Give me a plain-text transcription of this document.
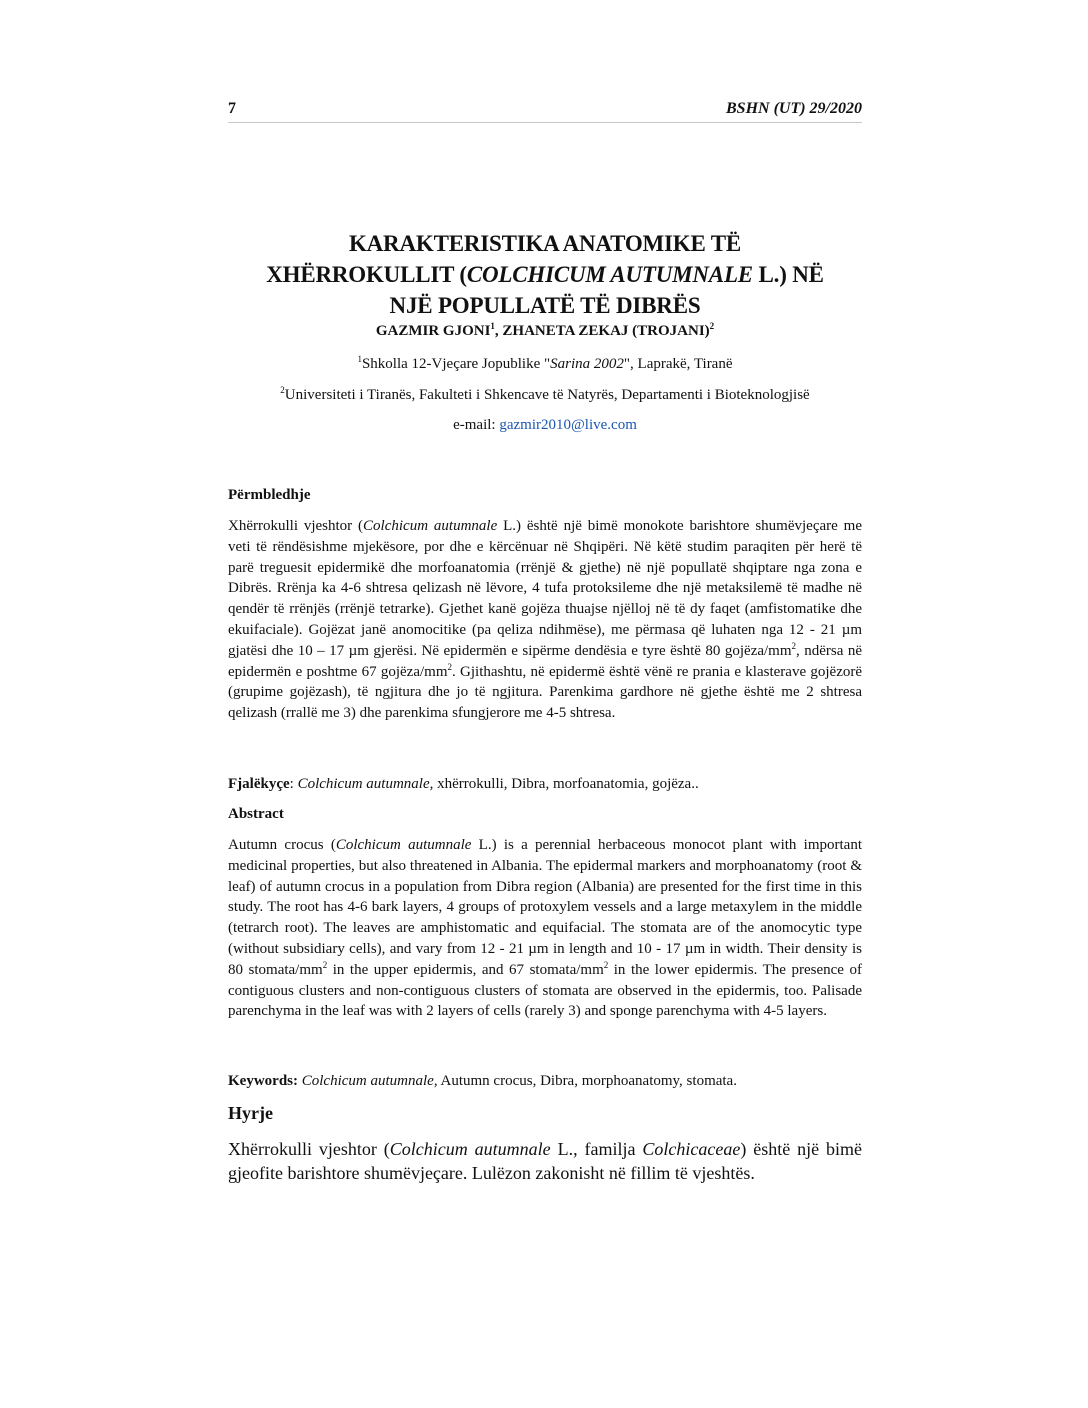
7	BSHN (UT) 29/2020
KARAKTERISTIKA ANATOMIKE TË
XHËRROKULLIT (COLCHICUM AUTUMNALE L.) NË
NJË POPULLATË TË DIBRËS
GAZMIR GJONI$^1$, ZHANETA ZEKAJ (TROJANI)$^2$
$^1$Shkolla 12-Vjeçare Jopublike "Sarina 2002", Laprakë, Tiranë
$^2$Universiteti i Tiranës, Fakulteti i Shkencave të Natyrës, Departamenti i Bioteknologjisë
e-mail: gazmir2010@live.com
Përmbledhje
Xhërrokulli vjeshtor (Colchicum autumnale L.) është një bimë monokote barishtore shumëvjeçare me veti të rëndësishme mjekësore, por dhe e kërcënuar në Shqipëri. Në këtë studim paraqiten për herë të parë treguesit epidermikë dhe morfoanatomia (rrënjë & gjethe) në një popullatë shqiptare nga zona e Dibrës. Rrënja ka 4-6 shtresa qelizash në lëvore, 4 tufa protoksileme dhe një metaksilemë të madhe në qendër të rrënjës (rrënjë tetrarke). Gjethet kanë gojëza thuajse njëlloj në të dy faqet (amfistomatike dhe ekuifaciale). Gojëzat janë anomocitike (pa qeliza ndihmëse), me përmasa që luhaten nga 12 - 21 µm gjatësi dhe 10 – 17 µm gjerësi. Në epidermën e sipërme dendësia e tyre është 80 gojëza/$mm^2$, ndërsa në epidermën e poshtme 67 gojëza/$mm^2$. Gjithashtu, në epidermë është vënë re prania e klasterave gojëzorë (grupime gojëzash), të ngjitura dhe jo të ngjitura. Parenkima gardhore në gjethe është me 2 shtresa qelizash (rrallë me 3) dhe parenkima sfungjerore me 4-5 shtresa.
Fjalëkyçe: Colchicum autumnale, xhërrokulli, Dibra, morfoanatomia, gojëza..
Abstract
Autumn crocus (Colchicum autumnale L.) is a perennial herbaceous monocot plant with important medicinal properties, but also threatened in Albania. The epidermal markers and morphoanatomy (root & leaf) of autumn crocus in a population from Dibra region (Albania) are presented for the first time in this study. The root has 4-6 bark layers, 4 groups of protoxylem vessels and a large metaxylem in the middle (tetrarch root). The leaves are amphistomatic and equifacial. The stomata are of the anomocytic type (without subsidiary cells), and vary from 12 - 21 µm in length and 10 - 17 µm in width. Their density is 80 stomata/$mm^2$ in the upper epidermis, and 67 stomata/$mm^2$ in the lower epidermis. The presence of contiguous clusters and non-contiguous clusters of stomata are observed in the epidermis, too. Palisade parenchyma in the leaf was with 2 layers of cells (rarely 3) and sponge parenchyma with 4-5 layers.
Keywords: Colchicum autumnale, Autumn crocus, Dibra, morphoanatomy, stomata.
Hyrje
Xhërrokulli vjeshtor (Colchicum autumnale L., familja Colchicaceae) është një bimë gjeofite barishtore shumëvjeçare. Lulëzon zakonisht në fillim të vjeshtës.
